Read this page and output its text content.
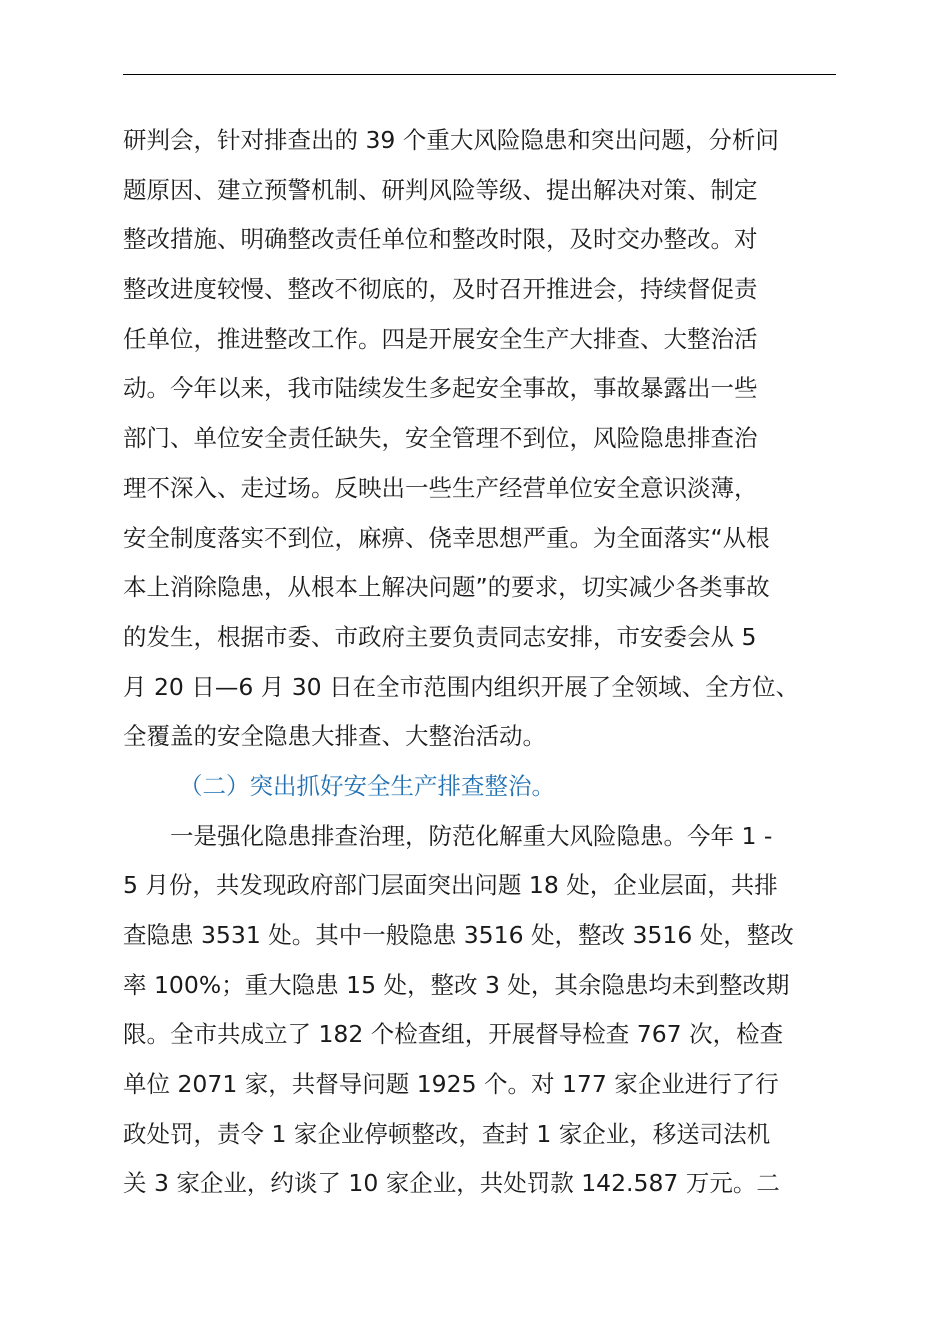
研判会，针对排查出的 39 个重大风险隐患和突出问题，分析问
题原因、建立预警机制、研判风险等级、提出解决对策、制定
整改措施、明确整改责任单位和整改时限，及时交办整改。对
整改进度较慢、整改不彻底的，及时召开推进会，持续督促责
任单位，推进整改工作。四是开展安全生产大排查、大整治活
动。今年以来，我市陆续发生多起安全事故，事故暴露出一些
部门、单位安全责任缺失，安全管理不到位，风险隐患排查治
理不深入、走过场。反映出一些生产经营单位安全意识淡薄，
安全制度落实不到位，麻痹、侥幸思想严重。为全面落实“从根
本上消除隐患，从根本上解决问题”的要求，切实减少各类事故
的发生，根据市委、市政府主要负责同志安排，市安委会从 5
月 20 日—6 月 30 日在全市范围内组织开展了全领域、全方位、
全覆盖的安全隐患大排查、大整治活动。
（二）突出抓好安全生产排查整治。
一是强化隐患排查治理，防范化解重大风险隐患。今年 1 -
5 月份，共发现政府部门层面突出问题 18 处，企业层面，共排
查隐患 3531 处。其中一般隐患 3516 处，整改 3516 处，整改
率 100%；重大隐患 15 处，整改 3 处，其余隐患均未到整改期
限。全市共成立了 182 个检查组，开展督导检查 767 次，检查
单位 2071 家，共督导问题 1925 个。对 177 家企业进行了行
政处罚，责令 1 家企业停顿整改，查封 1 家企业，移送司法机
关 3 家企业，约谈了 10 家企业，共处罚款 142.587 万元。二
